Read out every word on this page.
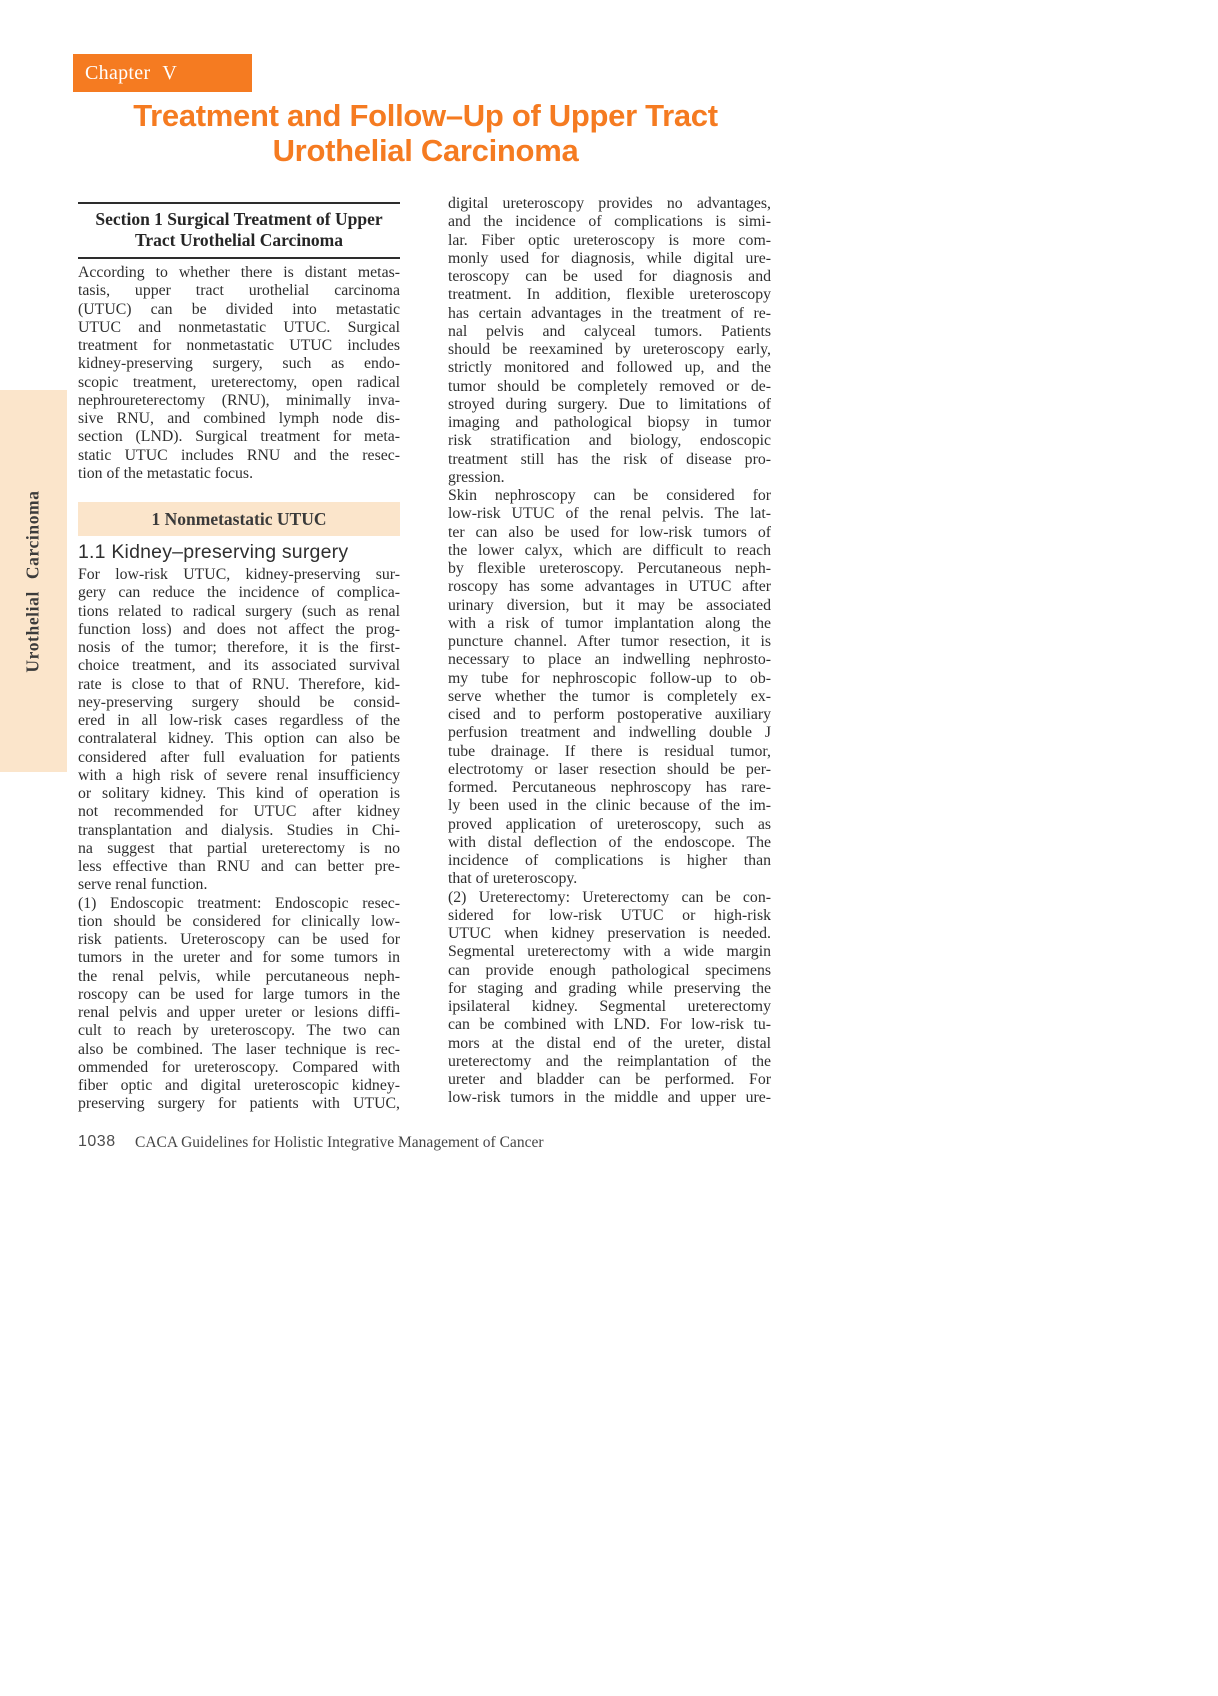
Chapter V
Treatment and Follow–Up of Upper Tract
Urothelial Carcinoma
Urothelial Carcinoma
Section 1 Surgical Treatment of Upper
Tract Urothelial Carcinoma
According to whether there is distant metas-
tasis, upper tract urothelial carcinoma
(UTUC) can be divided into metastatic
UTUC and nonmetastatic UTUC. Surgical
treatment for nonmetastatic UTUC includes
kidney-preserving surgery, such as endo-
scopic treatment, ureterectomy, open radical
nephroureterectomy (RNU), minimally inva-
sive RNU, and combined lymph node dis-
section (LND). Surgical treatment for meta-
static UTUC includes RNU and the resec-
tion of the metastatic focus.
1 Nonmetastatic UTUC
1.1 Kidney–preserving surgery
For low-risk UTUC, kidney-preserving sur-
gery can reduce the incidence of complica-
tions related to radical surgery (such as renal
function loss) and does not affect the prog-
nosis of the tumor; therefore, it is the first-
choice treatment, and its associated survival
rate is close to that of RNU. Therefore, kid-
ney-preserving surgery should be consid-
ered in all low-risk cases regardless of the
contralateral kidney. This option can also be
considered after full evaluation for patients
with a high risk of severe renal insufficiency
or solitary kidney. This kind of operation is
not recommended for UTUC after kidney
transplantation and dialysis. Studies in Chi-
na suggest that partial ureterectomy is no
less effective than RNU and can better pre-
serve renal function.
(1) Endoscopic treatment: Endoscopic resec-
tion should be considered for clinically low-
risk patients. Ureteroscopy can be used for
tumors in the ureter and for some tumors in
the renal pelvis, while percutaneous neph-
roscopy can be used for large tumors in the
renal pelvis and upper ureter or lesions diffi-
cult to reach by ureteroscopy. The two can
also be combined. The laser technique is rec-
ommended for ureteroscopy. Compared with
fiber optic and digital ureteroscopic kidney-
preserving surgery for patients with UTUC,
digital ureteroscopy provides no advantages,
and the incidence of complications is simi-
lar. Fiber optic ureteroscopy is more com-
monly used for diagnosis, while digital ure-
teroscopy can be used for diagnosis and
treatment. In addition, flexible ureteroscopy
has certain advantages in the treatment of re-
nal pelvis and calyceal tumors. Patients
should be reexamined by ureteroscopy early,
strictly monitored and followed up, and the
tumor should be completely removed or de-
stroyed during surgery. Due to limitations of
imaging and pathological biopsy in tumor
risk stratification and biology, endoscopic
treatment still has the risk of disease pro-
gression.
Skin nephroscopy can be considered for
low-risk UTUC of the renal pelvis. The lat-
ter can also be used for low-risk tumors of
the lower calyx, which are difficult to reach
by flexible ureteroscopy. Percutaneous neph-
roscopy has some advantages in UTUC after
urinary diversion, but it may be associated
with a risk of tumor implantation along the
puncture channel. After tumor resection, it is
necessary to place an indwelling nephrosto-
my tube for nephroscopic follow-up to ob-
serve whether the tumor is completely ex-
cised and to perform postoperative auxiliary
perfusion treatment and indwelling double J
tube drainage. If there is residual tumor,
electrotomy or laser resection should be per-
formed. Percutaneous nephroscopy has rare-
ly been used in the clinic because of the im-
proved application of ureteroscopy, such as
with distal deflection of the endoscope. The
incidence of complications is higher than
that of ureteroscopy.
(2) Ureterectomy: Ureterectomy can be con-
sidered for low-risk UTUC or high-risk
UTUC when kidney preservation is needed.
Segmental ureterectomy with a wide margin
can provide enough pathological specimens
for staging and grading while preserving the
ipsilateral kidney. Segmental ureterectomy
can be combined with LND. For low-risk tu-
mors at the distal end of the ureter, distal
ureterectomy and the reimplantation of the
ureter and bladder can be performed. For
low-risk tumors in the middle and upper ure-
1038 CACA Guidelines for Holistic Integrative Management of Cancer
